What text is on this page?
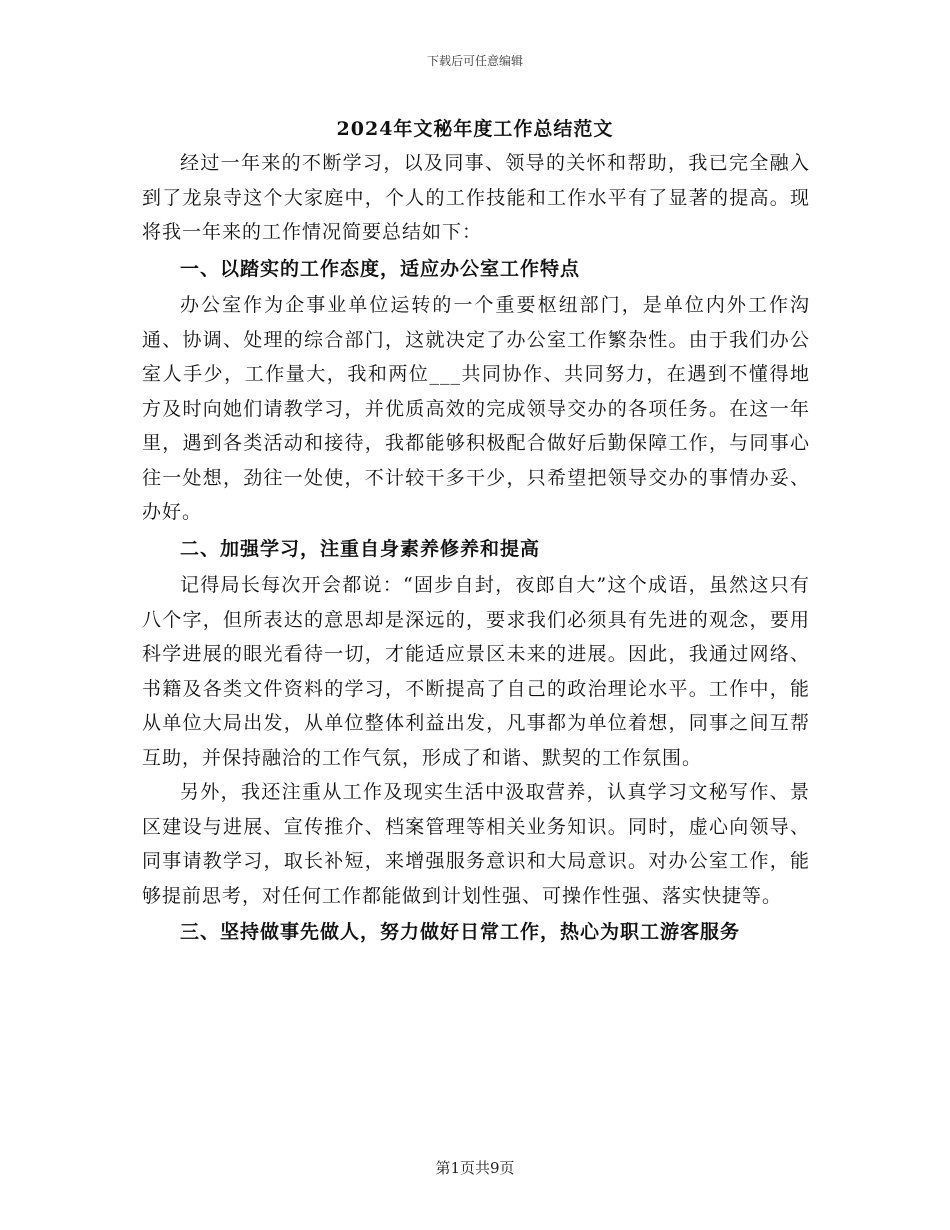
下载后可任意编辑
2024年文秘年度工作总结范文

经过一年来的不断学习，以及同事、领导的关怀和帮助，我已完全融入到了龙泉寺这个大家庭中，个人的工作技能和工作水平有了显著的提高。现将我一年来的工作情况简要总结如下：

一、以踏实的工作态度，适应办公室工作特点

办公室作为企事业单位运转的一个重要枢纽部门，是单位内外工作沟通、协调、处理的综合部门，这就决定了办公室工作繁杂性。由于我们办公室人手少，工作量大，我和两位___共同协作、共同努力，在遇到不懂得地方及时向她们请教学习，并优质高效的完成领导交办的各项任务。在这一年里，遇到各类活动和接待，我都能够积极配合做好后勤保障工作，与同事心往一处想，劲往一处使，不计较干多干少，只希望把领导交办的事情办妥、办好。

二、加强学习，注重自身素养修养和提高

记得局长每次开会都说：“固步自封，夜郎自大”这个成语，虽然这只有八个字，但所表达的意思却是深远的，要求我们必须具有先进的观念，要用科学进展的眼光看待一切，才能适应景区未来的进展。因此，我通过网络、书籍及各类文件资料的学习，不断提高了自己的政治理论水平。工作中，能从单位大局出发，从单位整体利益出发，凡事都为单位着想，同事之间互帮互助，并保持融洽的工作气氛，形成了和谐、默契的工作氛围。

另外，我还注重从工作及现实生活中汲取营养，认真学习文秘写作、景区建设与进展、宣传推介、档案管理等相关业务知识。同时，虚心向领导、同事请教学习，取长补短，来增强服务意识和大局意识。对办公室工作，能够提前思考，对任何工作都能做到计划性强、可操作性强、落实快捷等。

三、坚持做事先做人，努力做好日常工作，热心为职工游客服务

第1页共9页
